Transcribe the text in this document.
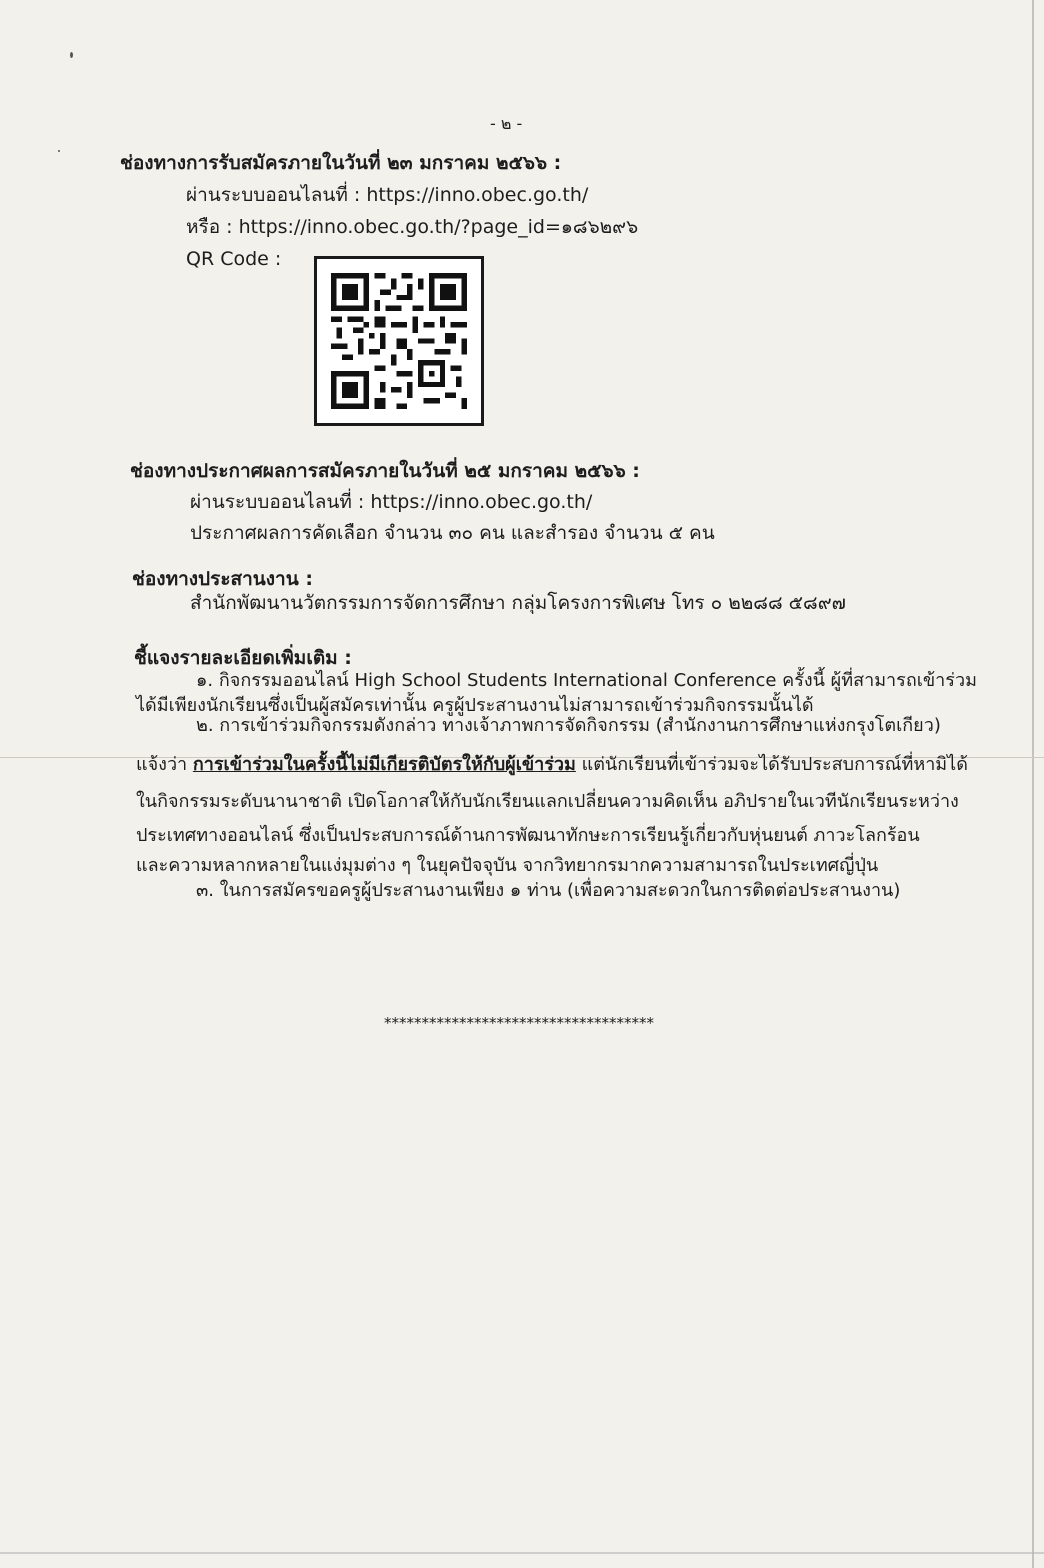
- ๒ -
ช่องทางการรับสมัครภายในวันที่ ๒๓ มกราคม ๒๕๖๖ :
ผ่านระบบออนไลนที่ : https://inno.obec.go.th/
หรือ : https://inno.obec.go.th/?page_id=๑๘๖๒๙๖
QR Code :
ช่องทางประกาศผลการสมัครภายในวันที่ ๒๕ มกราคม ๒๕๖๖ :
ผ่านระบบออนไลนที่ : https://inno.obec.go.th/
ประกาศผลการคัดเลือก จำนวน ๓๐ คน และสำรอง จำนวน ๕ คน
ช่องทางประสานงาน :
สำนักพัฒนานวัตกรรมการจัดการศึกษา กลุ่มโครงการพิเศษ โทร ๐ ๒๒๘๘ ๕๘๙๗
ชี้แจงรายละเอียดเพิ่มเติม :
๑. กิจกรรมออนไลน์ High School Students International Conference ครั้งนี้ ผู้ที่สามารถเข้าร่วม
ได้มีเพียงนักเรียนซึ่งเป็นผู้สมัครเท่านั้น ครูผู้ประสานงานไม่สามารถเข้าร่วมกิจกรรมนั้นได้
๒. การเข้าร่วมกิจกรรมดังกล่าว ทางเจ้าภาพการจัดกิจกรรม (สำนักงานการศึกษาแห่งกรุงโตเกียว)
แจ้งว่า การเข้าร่วมในครั้งนี้ไม่มีเกียรติบัตรให้กับผู้เข้าร่วม แต่นักเรียนที่เข้าร่วมจะได้รับประสบการณ์ที่หามิได้
ในกิจกรรมระดับนานาชาติ เปิดโอกาสให้กับนักเรียนแลกเปลี่ยนความคิดเห็น อภิปรายในเวทีนักเรียนระหว่าง
ประเทศทางออนไลน์ ซึ่งเป็นประสบการณ์ด้านการพัฒนาทักษะการเรียนรู้เกี่ยวกับหุ่นยนต์ ภาวะโลกร้อน
และความหลากหลายในแง่มุมต่าง ๆ ในยุคปัจจุบัน จากวิทยากรมากความสามารถในประเทศญี่ปุ่น
๓. ในการสมัครขอครูผู้ประสานงานเพียง ๑ ท่าน (เพื่อความสะดวกในการติดต่อประสานงาน)
************************************
